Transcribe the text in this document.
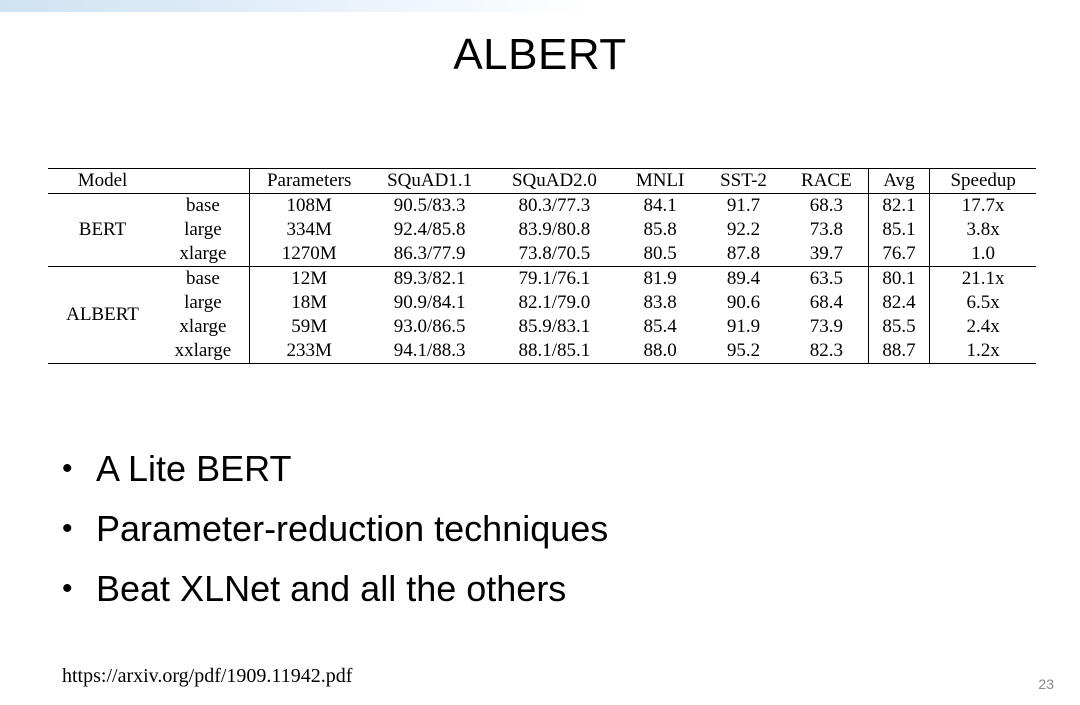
ALBERT
Model		Parameters	SQuAD1.1	SQuAD2.0	MNLI	SST-2	RACE	Avg	Speedup
BERT	base	108M	90.5/83.3	80.3/77.3	84.1	91.7	68.3	82.1	17.7x
	large	334M	92.4/85.8	83.9/80.8	85.8	92.2	73.8	85.1	3.8x
	xlarge	1270M	86.3/77.9	73.8/70.5	80.5	87.8	39.7	76.7	1.0
ALBERT	base	12M	89.3/82.1	79.1/76.1	81.9	89.4	63.5	80.1	21.1x
	large	18M	90.9/84.1	82.1/79.0	83.8	90.6	68.4	82.4	6.5x
	xlarge	59M	93.0/86.5	85.9/83.1	85.4	91.9	73.9	85.5	2.4x
	xxlarge	233M	94.1/88.3	88.1/85.1	88.0	95.2	82.3	88.7	1.2x

• A Lite BERT
• Parameter-reduction techniques
• Beat XLNet and all the others
https://arxiv.org/pdf/1909.11942.pdf	23
